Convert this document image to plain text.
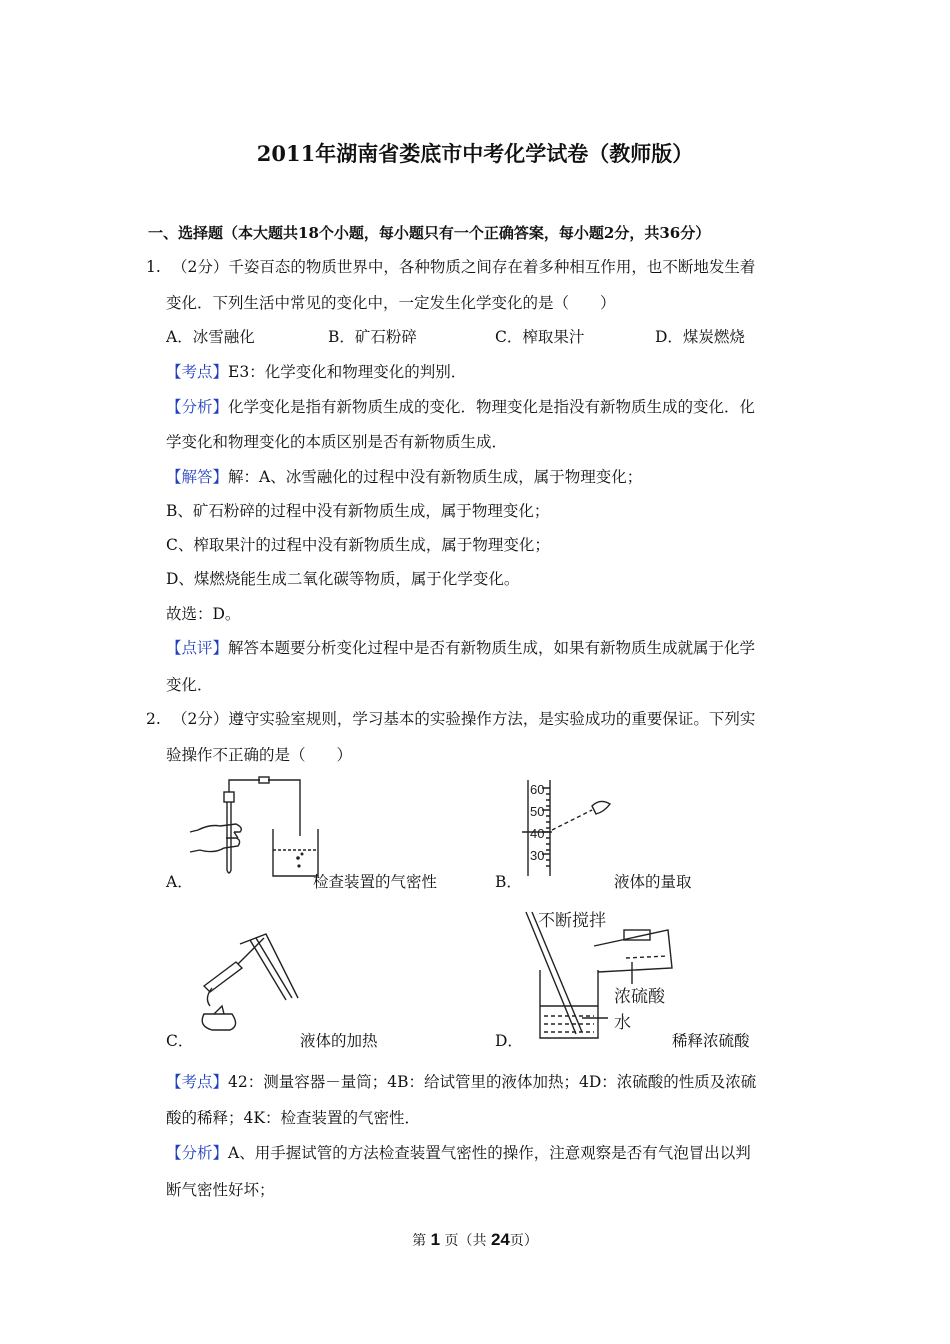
2011年湖南省娄底市中考化学试卷（教师版）
一、选择题（本大题共18个小题，每小题只有一个正确答案，每小题2分，共36分）
1. （2分）千姿百态的物质世界中，各种物质之间存在着多种相互作用，也不断地发生着
变化．下列生活中常见的变化中，一定发生化学变化的是（　　）
A．冰雪融化	B．矿石粉碎	C．榨取果汁	D．煤炭燃烧
【考点】E3：化学变化和物理变化的判别．
【分析】化学变化是指有新物质生成的变化．物理变化是指没有新物质生成的变化．化
学变化和物理变化的本质区别是否有新物质生成．
【解答】解：A、冰雪融化的过程中没有新物质生成，属于物理变化；
B、矿石粉碎的过程中没有新物质生成，属于物理变化；
C、榨取果汁的过程中没有新物质生成，属于物理变化；
D、煤燃烧能生成二氧化碳等物质，属于化学变化。
故选：D。
【点评】解答本题要分析变化过程中是否有新物质生成，如果有新物质生成就属于化学
变化．
2. （2分）遵守实验室规则，学习基本的实验操作方法，是实验成功的重要保证。下列实
验操作不正确的是（　　）
A．	检查装置的气密性
60
50
40
30
B．	液体的量取
C．	液体的加热
不断搅拌
浓硫酸
水
D．	稀释浓硫酸
【考点】42：测量容器－量筒；4B：给试管里的液体加热；4D：浓硫酸的性质及浓硫
酸的稀释；4K：检查装置的气密性．
【分析】A、用手握试管的方法检查装置气密性的操作，注意观察是否有气泡冒出以判
断气密性好坏；
第 1 页（共 24页）
